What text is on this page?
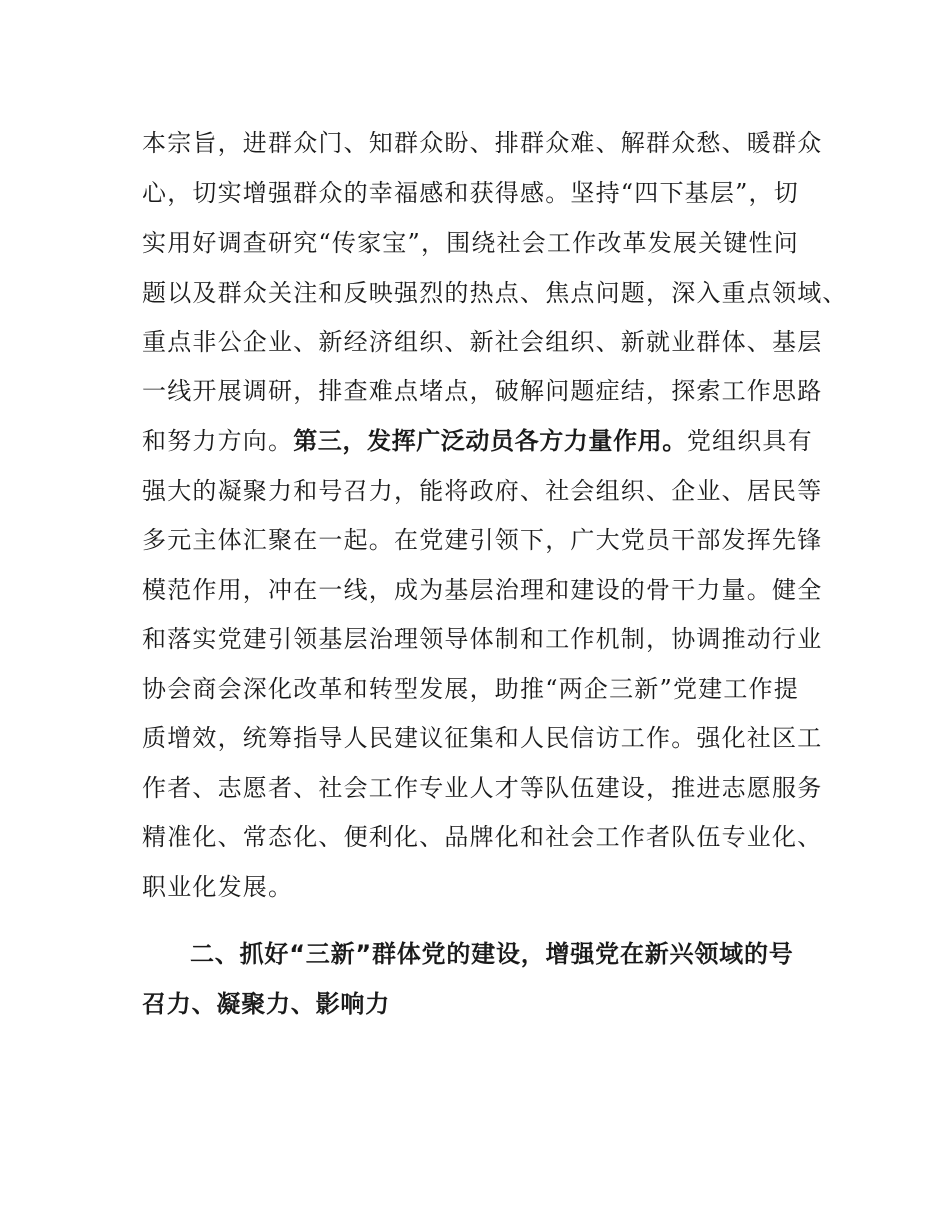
本宗旨，进群众门、知群众盼、排群众难、解群众愁、暖群众
心，切实增强群众的幸福感和获得感。坚持“四下基层”，切
实用好调查研究“传家宝”，围绕社会工作改革发展关键性问
题以及群众关注和反映强烈的热点、焦点问题，深入重点领域、
重点非公企业、新经济组织、新社会组织、新就业群体、基层
一线开展调研，排查难点堵点，破解问题症结，探索工作思路
和努力方向。第三，发挥广泛动员各方力量作用。党组织具有
强大的凝聚力和号召力，能将政府、社会组织、企业、居民等
多元主体汇聚在一起。在党建引领下，广大党员干部发挥先锋
模范作用，冲在一线，成为基层治理和建设的骨干力量。健全
和落实党建引领基层治理领导体制和工作机制，协调推动行业
协会商会深化改革和转型发展，助推“两企三新”党建工作提
质增效，统筹指导人民建议征集和人民信访工作。强化社区工
作者、志愿者、社会工作专业人才等队伍建设，推进志愿服务
精准化、常态化、便利化、品牌化和社会工作者队伍专业化、
职业化发展。
二、抓好“三新”群体党的建设，增强党在新兴领域的号
召力、凝聚力、影响力
